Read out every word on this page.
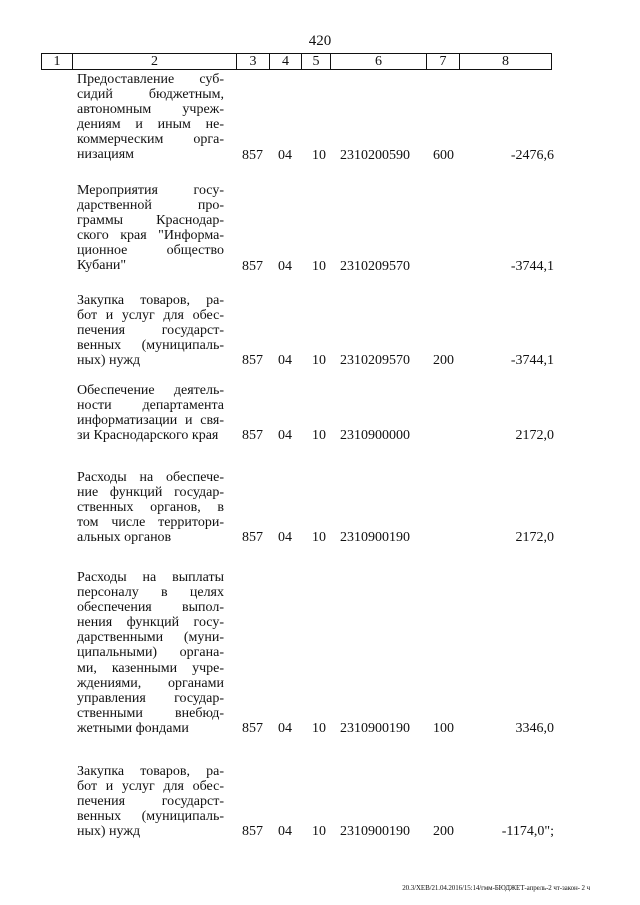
420
1	2	3	4	5	6	7	8
Предоставление суб-
сидий бюджетным,
автономным учреж-
дениям и иным не-
коммерческим орга-
низациям	857 04 10 2310200590 600	-2476,6
Мероприятия госу-
дарственной про-
граммы Краснодар-
ского края "Информа-
ционное общество
Кубани"	857 04 10 2310209570	-3744,1
Закупка товаров, ра-
бот и услуг для обес-
печения государст-
венных (муниципаль-
ных) нужд	857 04 10 2310209570 200	-3744,1
Обеспечение деятель-
ности департамента
информатизации и свя-
зи Краснодарского края	857 04 10 2310900000	2172,0
Расходы на обеспече-
ние функций государ-
ственных органов, в
том числе территори-
альных органов	857 04 10 2310900190	2172,0
Расходы на выплаты
персоналу в целях
обеспечения выпол-
нения функций госу-
дарственными (муни-
ципальными) органа-
ми, казенными учре-
ждениями, органами
управления государ-
ственными внебюд-
жетными фондами	857 04 10 2310900190 100	3346,0
Закупка товаров, ра-
бот и услуг для обес-
печения государст-
венных (муниципаль-
ных) нужд	857 04 10 2310900190 200	-1174,0";
20.3/XEB/21.04.2016/15:14/гмм-БЮДЖЕТ-апрель-2 чт-закон- 2 ч
